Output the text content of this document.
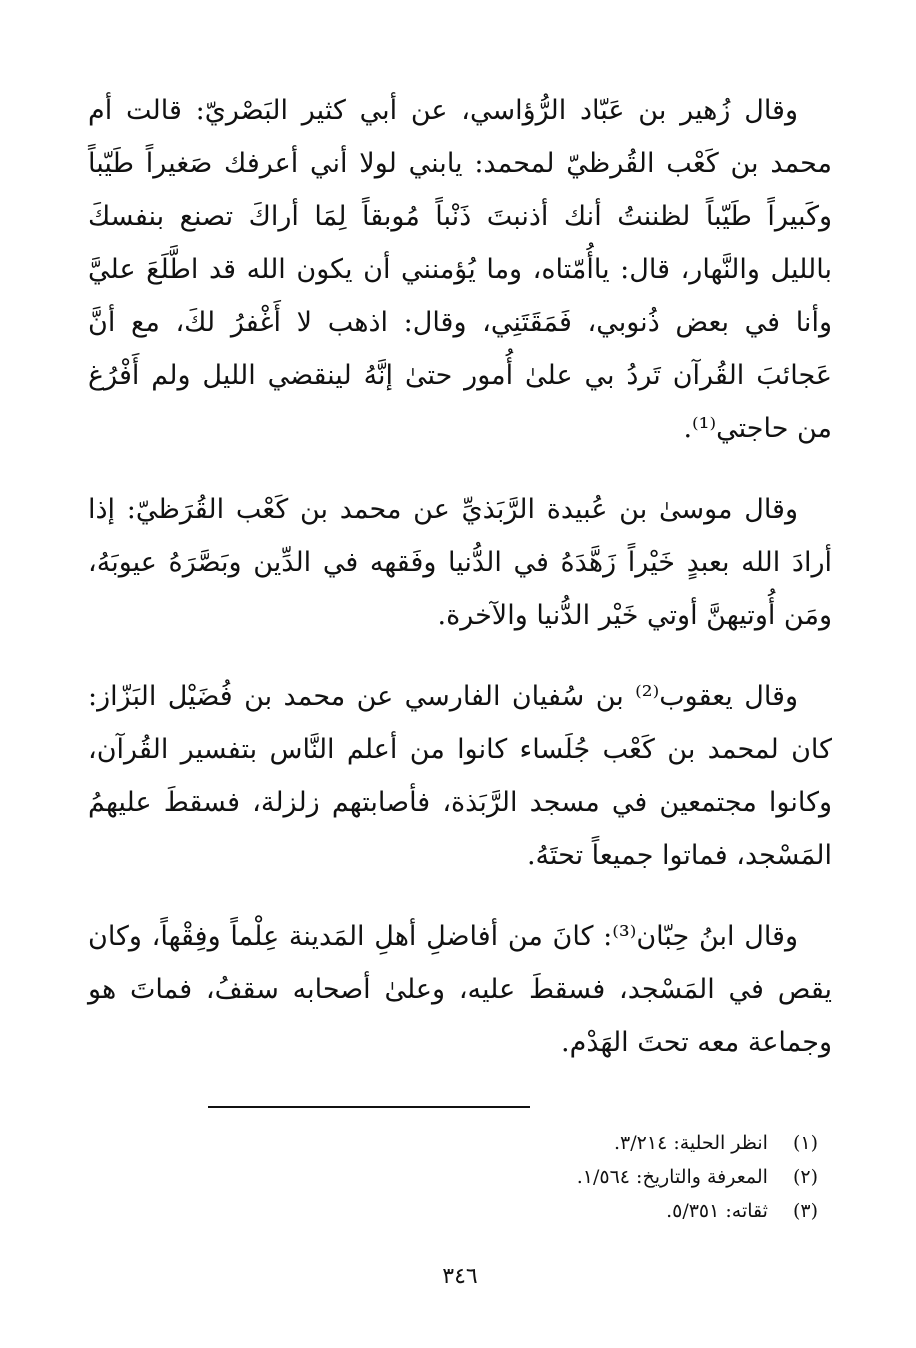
وقال زُهير بن عَبّاد الرُّؤاسي، عن أبي كثير البَصْريّ: قالت أم محمد بن كَعْب القُرظيّ لمحمد: يابني لولا أني أعرفك صَغيراً طَيّباً وكَبيراً طَيّباً لظننتُ أنك أذنبتَ ذَنْباً مُوبقاً لِمَا أراكَ تصنع بنفسكَ بالليل والنَّهار، قال: ياأُمّتاه، وما يُؤمنني أن يكون الله قد اطَّلَعَ عليَّ وأنا في بعض ذُنوبي، فَمَقَتَنِي، وقال: اذهب لا أَغْفرُ لكَ، مع أنَّ عَجائبَ القُرآن تَردُ بي علىٰ أُمور حتىٰ إنَّهُ لينقضي الليل ولم أَفْرُغ من حاجتي⁽¹⁾.

وقال موسىٰ بن عُبيدة الرَّبَذيِّ عن محمد بن كَعْب القُرَظيّ: إذا أرادَ الله بعبدٍ خَيْراً زَهَّدَهُ في الدُّنيا وفَقهه في الدِّين وبَصَّرَهُ عيوبَهُ، ومَن أُوتيهنَّ أوتي خَيْر الدُّنيا والآخرة.

وقال يعقوب⁽²⁾ بن سُفيان الفارسي عن محمد بن فُضَيْل البَزّاز: كان لمحمد بن كَعْب جُلَساء كانوا من أعلم النَّاس بتفسير القُرآن، وكانوا مجتمعين في مسجد الرَّبَذة، فأصابتهم زلزلة، فسقطَ عليهمُ المَسْجد، فماتوا جميعاً تحتَهُ.

وقال ابنُ حِبّان⁽³⁾: كانَ من أفاضلِ أهلِ المَدينة عِلْماً وفِقْهاً، وكان يقص في المَسْجد، فسقطَ عليه، وعلىٰ أصحابه سقفُ، فماتَ هو وجماعة معه تحتَ الهَدْم.

(١) انظر الحلية: ٣/٢١٤.
(٢) المعرفة والتاريخ: ١/٥٦٤.
(٣) ثقاته: ٥/٣٥١.
٣٤٦
